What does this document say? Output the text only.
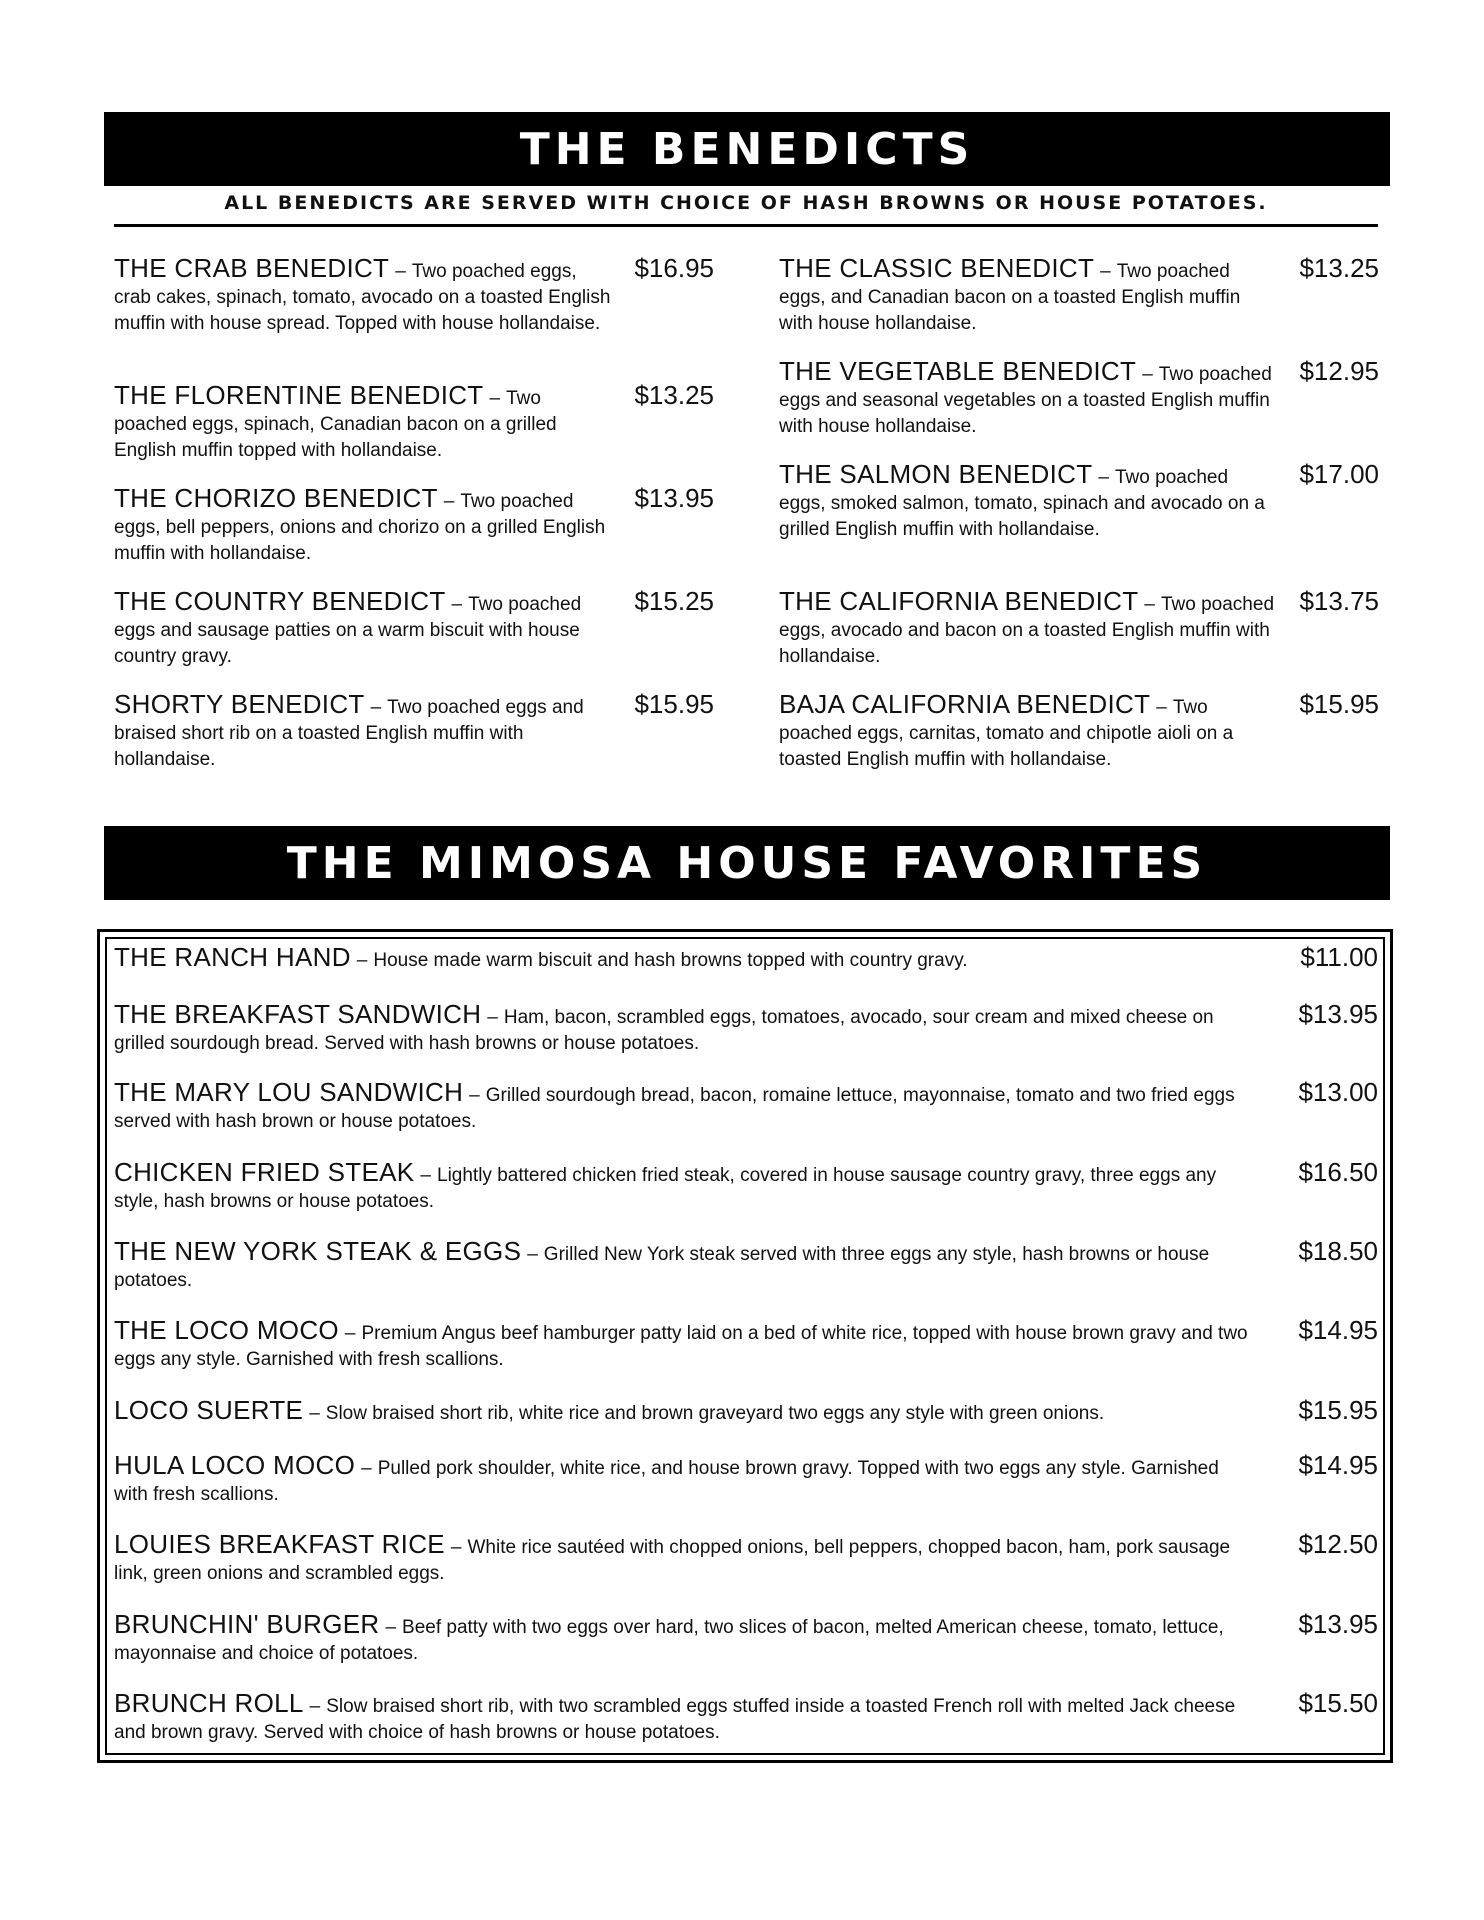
THE BENEDICTS
ALL BENEDICTS ARE SERVED WITH CHOICE OF HASH BROWNS OR HOUSE POTATOES.
THE CRAB BENEDICT – Two poached eggs, crab cakes, spinach, tomato, avocado on a toasted English muffin with house spread. Topped with house hollandaise.
$16.95
THE FLORENTINE BENEDICT – Two poached eggs, spinach, Canadian bacon on a grilled English muffin topped with hollandaise.
$13.25
THE CHORIZO BENEDICT – Two poached eggs, bell peppers, onions and chorizo on a grilled English muffin with hollandaise.
$13.95
THE COUNTRY BENEDICT – Two poached eggs and sausage patties on a warm biscuit with house country gravy.
$15.25
SHORTY BENEDICT – Two poached eggs and braised short rib on a toasted English muffin with hollandaise.
$15.95
THE CLASSIC BENEDICT – Two poached eggs, and Canadian bacon on a toasted English muffin with house hollandaise.
$13.25
THE VEGETABLE BENEDICT – Two poached eggs and seasonal vegetables on a toasted English muffin with house hollandaise.
$12.95
THE SALMON BENEDICT – Two poached eggs, smoked salmon, tomato, spinach and avocado on a grilled English muffin with hollandaise.
$17.00
THE CALIFORNIA BENEDICT – Two poached eggs, avocado and bacon on a toasted English muffin with hollandaise.
$13.75
BAJA CALIFORNIA BENEDICT – Two poached eggs, carnitas, tomato and chipotle aioli on a toasted English muffin with hollandaise.
$15.95
THE MIMOSA HOUSE FAVORITES
THE RANCH HAND – House made warm biscuit and hash browns topped with country gravy.	$11.00
THE BREAKFAST SANDWICH – Ham, bacon, scrambled eggs, tomatoes, avocado, sour cream and mixed cheese on grilled sourdough bread. Served with hash browns or house potatoes.
$13.95
THE MARY LOU SANDWICH – Grilled sourdough bread, bacon, romaine lettuce, mayonnaise, tomato and two fried eggs served with hash brown or house potatoes.
$13.00
CHICKEN FRIED STEAK – Lightly battered chicken fried steak, covered in house sausage country gravy, three eggs any style, hash browns or house potatoes.
$16.50
THE NEW YORK STEAK & EGGS – Grilled New York steak served with three eggs any style, hash browns or house potatoes.
$18.50
THE LOCO MOCO – Premium Angus beef hamburger patty laid on a bed of white rice, topped with house brown gravy and two eggs any style. Garnished with fresh scallions.
$14.95
LOCO SUERTE – Slow braised short rib, white rice and brown graveyard two eggs any style with green onions.	$15.95
HULA LOCO MOCO – Pulled pork shoulder, white rice, and house brown gravy. Topped with two eggs any style. Garnished with fresh scallions.
$14.95
LOUIES BREAKFAST RICE – White rice sautéed with chopped onions, bell peppers, chopped bacon, ham, pork sausage link, green onions and scrambled eggs.
$12.50
BRUNCHIN' BURGER – Beef patty with two eggs over hard, two slices of bacon, melted American cheese, tomato, lettuce, mayonnaise and choice of potatoes.
$13.95
BRUNCH ROLL – Slow braised short rib, with two scrambled eggs stuffed inside a toasted French roll with melted Jack cheese and brown gravy. Served with choice of hash browns or house potatoes.
$15.50
